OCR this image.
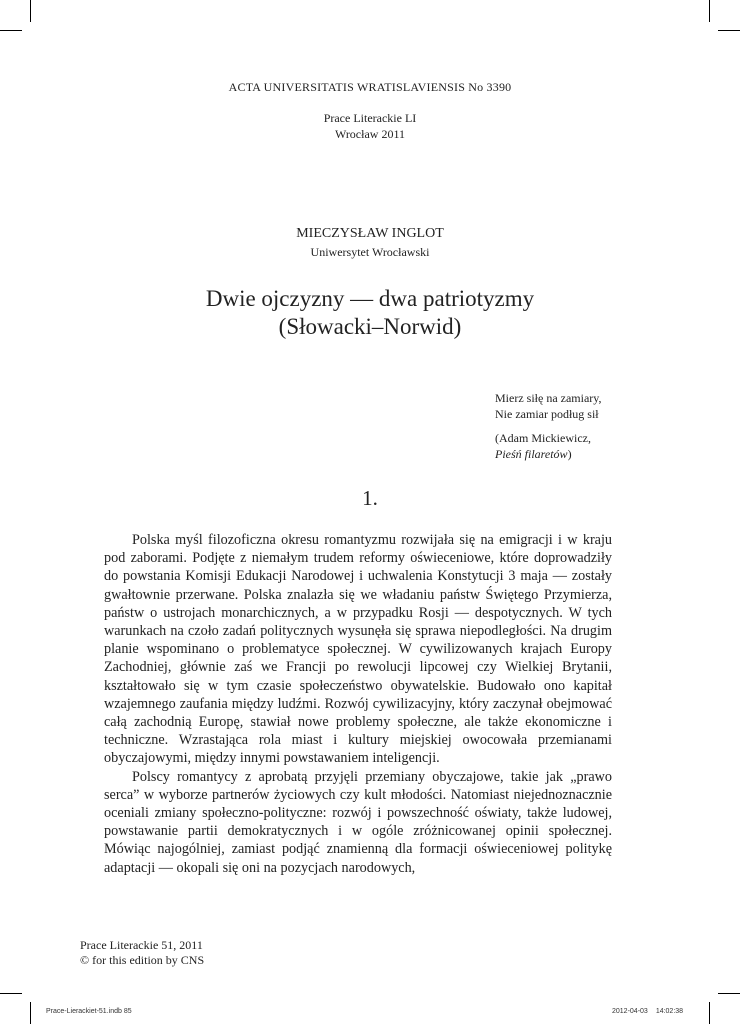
ACTA UNIVERSITATIS WRATISLAVIENSIS No 3390
Prace Literackie LI
Wrocław 2011
MIECZYSŁAW INGLOT
Uniwersytet Wrocławski
Dwie ojczyzny — dwa patriotyzmy
(Słowacki–Norwid)
Mierz siłę na zamiary,
Nie zamiar podług sił
(Adam Mickiewicz,
Pieśń filaretów)
1.

Polska myśl filozoficzna okresu romantyzmu rozwijała się na emigracji i w kraju pod zaborami. Podjęte z niemałym trudem reformy oświeceniowe, które doprowadziły do powstania Komisji Edukacji Narodowej i uchwalenia Konstytucji 3 maja — zostały gwałtownie przerwane. Polska znalazła się we władaniu państw Świętego Przymierza, państw o ustrojach monarchicznych, a w przypadku Rosji — despotycznych. W tych warunkach na czoło zadań politycznych wysunęła się sprawa niepodległości. Na drugim planie wspominano o problematyce społecznej. W cywilizowanych krajach Europy Zachodniej, głównie zaś we Francji po rewolucji lipcowej czy Wielkiej Brytanii, kształtowało się w tym czasie społeczeństwo obywatelskie. Budowało ono kapitał wzajemnego zaufania między ludźmi. Rozwój cywilizacyjny, który zaczynał obejmować całą zachodnią Europę, stawiał nowe problemy społeczne, ale także ekonomiczne i techniczne. Wzrastająca rola miast i kultury miejskiej owocowała przemianami obyczajowymi, między innymi powstawaniem inteligencji.

Polscy romantycy z aprobatą przyjęli przemiany obyczajowe, takie jak „prawo serca” w wyborze partnerów życiowych czy kult młodości. Natomiast niejednoznacznie oceniali zmiany społeczno-polityczne: rozwój i powszechność oświaty, także ludowej, powstawanie partii demokratycznych i w ogóle zróżnicowanej opinii społecznej. Mówiąc najogólniej, zamiast podjąć znamienną dla formacji oświeceniowej politykę adaptacji — okopali się oni na pozycjach narodowych,

Prace Literackie 51, 2011
© for this edition by CNS
Prace-Lierackiet-51.indb 85	2012-04-03 14:02:38
